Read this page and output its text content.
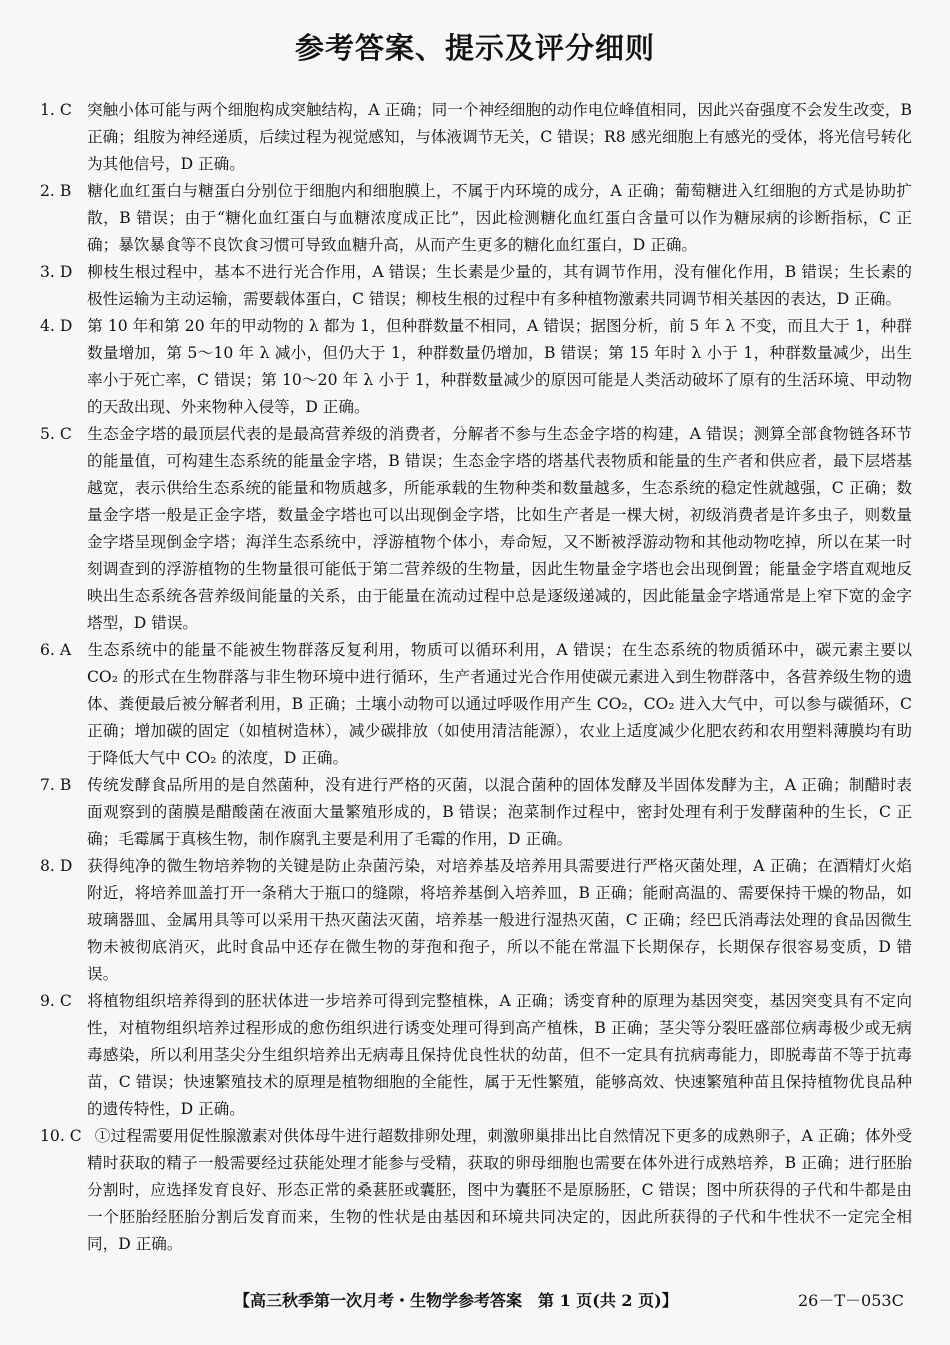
参考答案、提示及评分细则

1. C 突触小体可能与两个细胞构成突触结构，A 正确；同一个神经细胞的动作电位峰值相同，因此兴奋强度不会发生改变，B 正确；组胺为神经递质，后续过程为视觉感知，与体液调节无关，C 错误；R8 感光细胞上有感光的受体，将光信号转化为其他信号，D 正确。

2. B 糖化血红蛋白与糖蛋白分别位于细胞内和细胞膜上，不属于内环境的成分，A 正确；葡萄糖进入红细胞的方式是协助扩散，B 错误；由于“糖化血红蛋白与血糖浓度成正比”，因此检测糖化血红蛋白含量可以作为糖尿病的诊断指标，C 正确；暴饮暴食等不良饮食习惯可导致血糖升高，从而产生更多的糖化血红蛋白，D 正确。

3. D 柳枝生根过程中，基本不进行光合作用，A 错误；生长素是少量的，其有调节作用，没有催化作用，B 错误；生长素的极性运输为主动运输，需要载体蛋白，C 错误；柳枝生根的过程中有多种植物激素共同调节相关基因的表达，D 正确。

4. D 第 10 年和第 20 年的甲动物的 λ 都为 1，但种群数量不相同，A 错误；据图分析，前 5 年 λ 不变，而且大于 1，种群数量增加，第 5～10 年 λ 减小，但仍大于 1，种群数量仍增加，B 错误；第 15 年时 λ 小于 1，种群数量减少，出生率小于死亡率，C 错误；第 10～20 年 λ 小于 1，种群数量减少的原因可能是人类活动破坏了原有的生活环境、甲动物的天敌出现、外来物种入侵等，D 正确。

5. C 生态金字塔的最顶层代表的是最高营养级的消费者，分解者不参与生态金字塔的构建，A 错误；测算全部食物链各环节的能量值，可构建生态系统的能量金字塔，B 错误；生态金字塔的塔基代表物质和能量的生产者和供应者，最下层塔基越宽，表示供给生态系统的能量和物质越多，所能承载的生物种类和数量越多，生态系统的稳定性就越强，C 正确；数量金字塔一般是正金字塔，数量金字塔也可以出现倒金字塔，比如生产者是一棵大树，初级消费者是许多虫子，则数量金字塔呈现倒金字塔；海洋生态系统中，浮游植物个体小，寿命短，又不断被浮游动物和其他动物吃掉，所以在某一时刻调查到的浮游植物的生物量很可能低于第二营养级的生物量，因此生物量金字塔也会出现倒置；能量金字塔直观地反映出生态系统各营养级间能量的关系，由于能量在流动过程中总是逐级递减的，因此能量金字塔通常是上窄下宽的金字塔型，D 错误。

6. A 生态系统中的能量不能被生物群落反复利用，物质可以循环利用，A 错误；在生态系统的物质循环中，碳元素主要以 CO₂ 的形式在生物群落与非生物环境中进行循环，生产者通过光合作用使碳元素进入到生物群落中，各营养级生物的遗体、粪便最后被分解者利用，B 正确；土壤小动物可以通过呼吸作用产生 CO₂，CO₂ 进入大气中，可以参与碳循环，C 正确；增加碳的固定（如植树造林），减少碳排放（如使用清洁能源），农业上适度减少化肥农药和农用塑料薄膜均有助于降低大气中 CO₂ 的浓度，D 正确。

7. B 传统发酵食品所用的是自然菌种，没有进行严格的灭菌，以混合菌种的固体发酵及半固体发酵为主，A 正确；制醋时表面观察到的菌膜是醋酸菌在液面大量繁殖形成的，B 错误；泡菜制作过程中，密封处理有利于发酵菌种的生长，C 正确；毛霉属于真核生物，制作腐乳主要是利用了毛霉的作用，D 正确。

8. D 获得纯净的微生物培养物的关键是防止杂菌污染，对培养基及培养用具需要进行严格灭菌处理，A 正确；在酒精灯火焰附近，将培养皿盖打开一条稍大于瓶口的缝隙，将培养基倒入培养皿，B 正确；能耐高温的、需要保持干燥的物品，如玻璃器皿、金属用具等可以采用干热灭菌法灭菌，培养基一般进行湿热灭菌，C 正确；经巴氏消毒法处理的食品因微生物未被彻底消灭，此时食品中还存在微生物的芽孢和孢子，所以不能在常温下长期保存，长期保存很容易变质，D 错误。

9. C 将植物组织培养得到的胚状体进一步培养可得到完整植株，A 正确；诱变育种的原理为基因突变，基因突变具有不定向性，对植物组织培养过程形成的愈伤组织进行诱变处理可得到高产植株，B 正确；茎尖等分裂旺盛部位病毒极少或无病毒感染，所以利用茎尖分生组织培养出无病毒且保持优良性状的幼苗，但不一定具有抗病毒能力，即脱毒苗不等于抗毒苗，C 错误；快速繁殖技术的原理是植物细胞的全能性，属于无性繁殖，能够高效、快速繁殖种苗且保持植物优良品种的遗传特性，D 正确。

10. C ①过程需要用促性腺激素对供体母牛进行超数排卵处理，刺激卵巢排出比自然情况下更多的成熟卵子，A 正确；体外受精时获取的精子一般需要经过获能处理才能参与受精，获取的卵母细胞也需要在体外进行成熟培养，B 正确；进行胚胎分割时，应选择发育良好、形态正常的桑葚胚或囊胚，图中为囊胚不是原肠胚，C 错误；图中所获得的子代和牛都是由一个胚胎经胚胎分割后发育而来，生物的性状是由基因和环境共同决定的，因此所获得的子代和牛性状不一定完全相同，D 正确。

【高三秋季第一次月考・生物学参考答案　第 1 页(共 2 页)】	26－T－053C
